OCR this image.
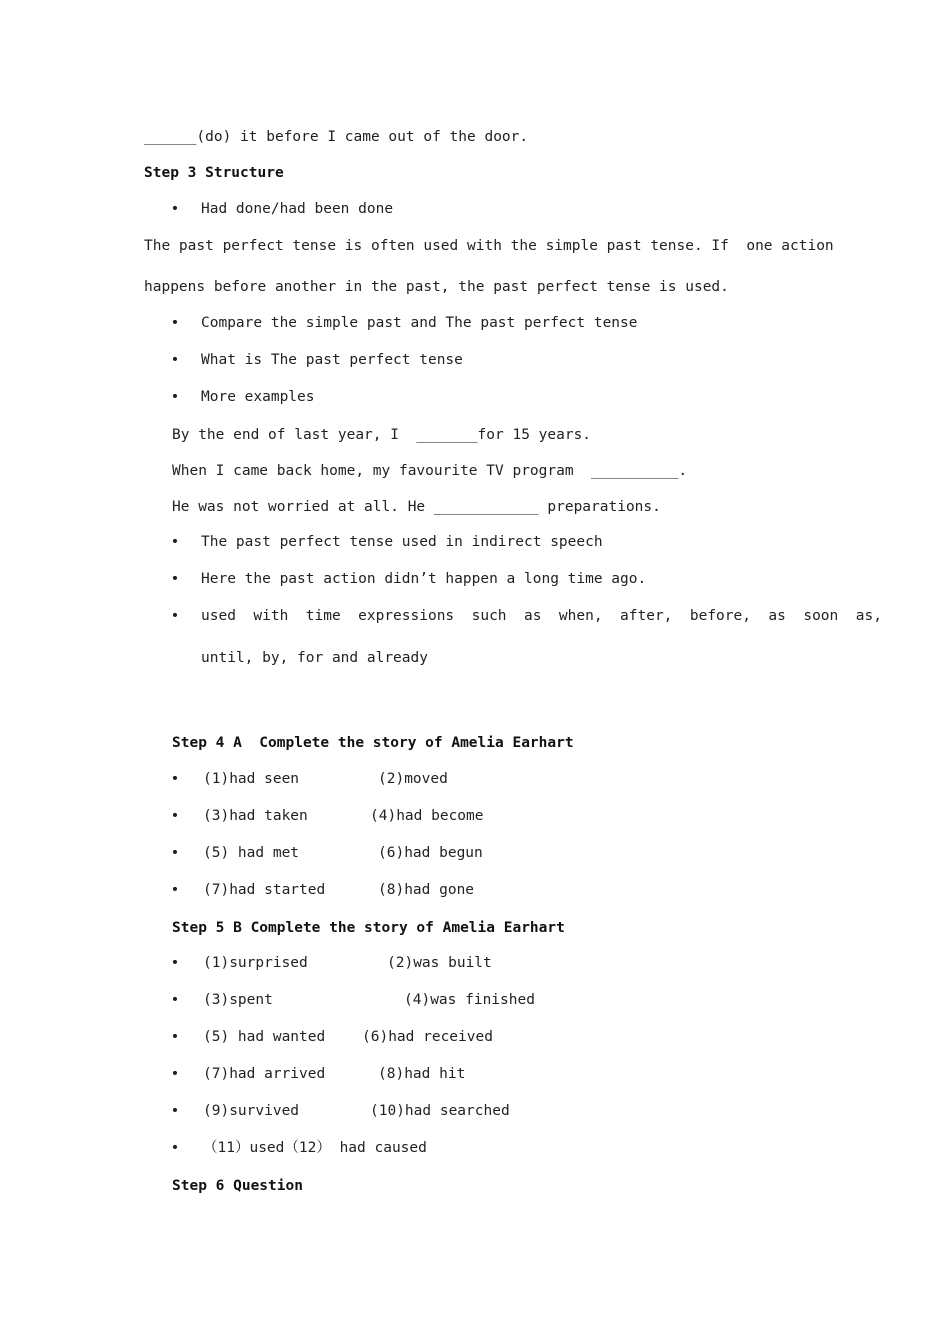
______(do) it before I came out of the door.
Step 3 Structure
• Had done/had been done
The past perfect tense is often used with the simple past tense. If  one action
happens before another in the past, the past perfect tense is used.
• Compare the simple past and The past perfect tense
• What is The past perfect tense
• More examples
By the end of last year, I  _______for 15 years.
When I came back home, my favourite TV program  __________.
He was not worried at all. He ____________ preparations.
• The past perfect tense used in indirect speech
• Here the past action didn’t happen a long time ago.
• used  with  time  expressions  such  as  when,  after,  before,  as  soon  as,
until, by, for and already
Step 4 A  Complete the story of Amelia Earhart
• (1)had seen	(2)moved
• (3)had taken	(4)had become
• (5) had met	(6)had begun
• (7)had started	(8)had gone
Step 5 B Complete the story of Amelia Earhart
• (1)surprised	(2)was built
• (3)spent	(4)was finished
• (5) had wanted	(6)had received
• (7)had arrived	(8)had hit
• (9)survived	(10)had searched
• （11）used（12） had caused
Step 6 Question
